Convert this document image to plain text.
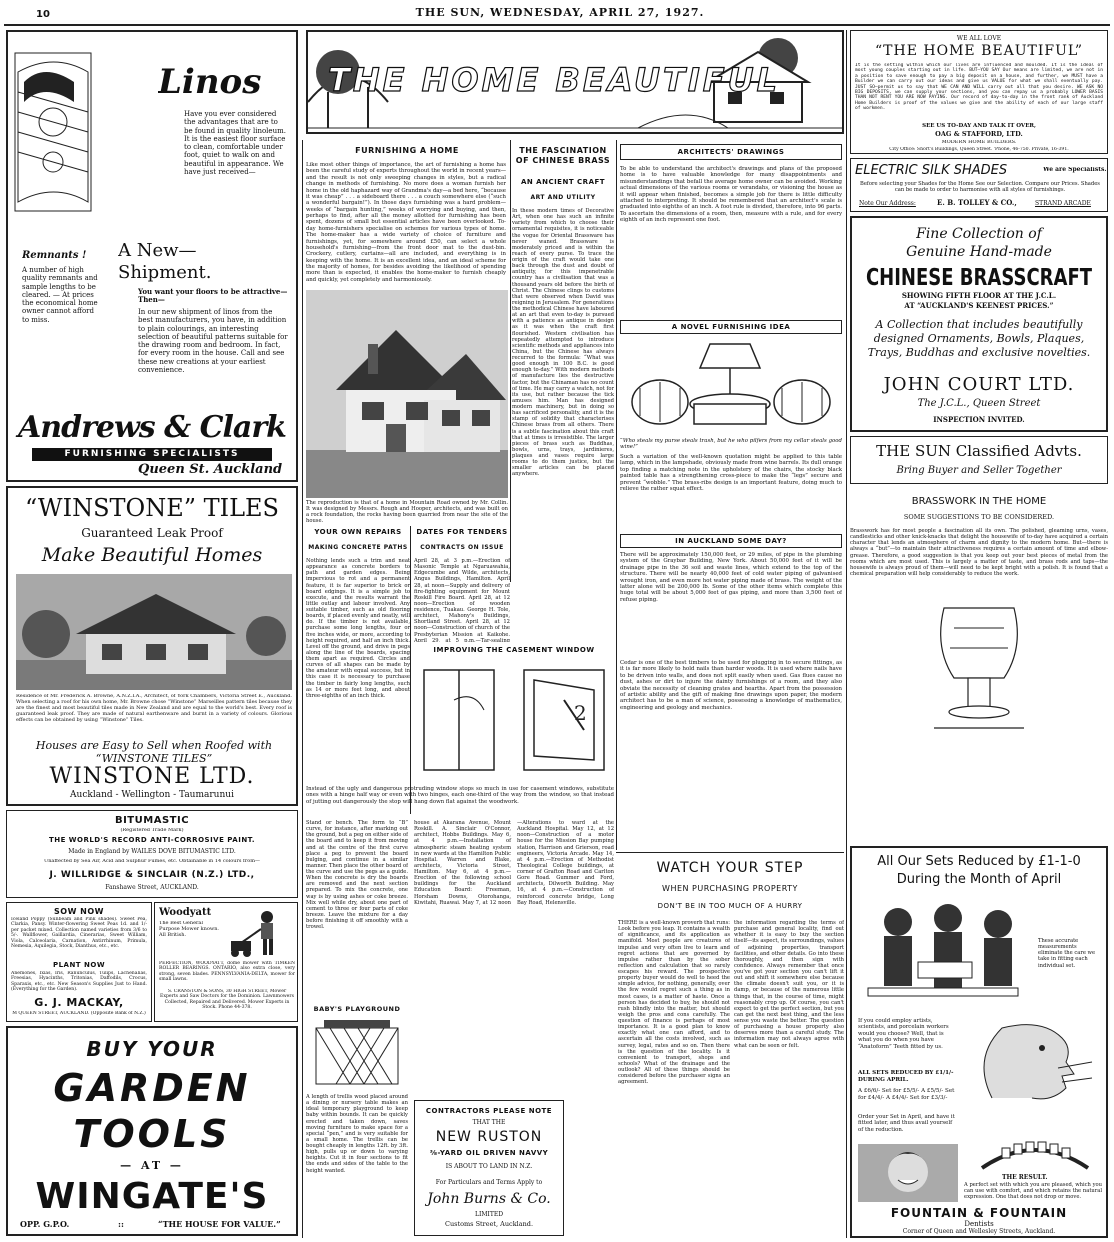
10	THE SUN, WEDNESDAY, APRIL 27, 1927.
Linos
Have you ever considered the advantages that are to be found in quality linoleum. It is the easiest floor surface to clean, comfortable under foot, quiet to walk on and beautiful in appearance. We have just received—
A New—
Shipment.
You want your floors to be attractive—Then—
In our new shipment of linos from the best manufacturers, you have, in addition to plain colourings, an interesting selection of beautiful patterns suitable for the drawing room and bedroom. In fact, for every room in the house. Call and see these new creations at your earliest convenience.
Remnants !
A number of high quality remnants and sample lengths to be cleared. — At prices the economical home owner cannot afford to miss.
Andrews & Clark
FURNISHING SPECIALISTS
Queen St. Auckland
“WINSTONE” TILES
Guaranteed Leak Proof
Make Beautiful Homes
Residence of Mr. Frederick A. Browne, A.N.Z.I.A., Architect, of York Chambers, Victoria Street E., Auckland. When selecting a roof for his own home, Mr. Browne chose “Winstone” Marseilles pattern tiles because they are the finest and most beautiful tiles made in New Zealand and are equal to the world's best. Every roof is guaranteed leak proof. They are made of natural earthenware and burnt in a variety of colours. Glorious effects can be obtained by using “Winstone” Tiles.
Houses are Easy to Sell when Roofed with “WINSTONE TILES”
WINSTONE LTD.
Auckland - Wellington - Taumarunui
BITUMASTIC
(Registered Trade Mark)
THE WORLD'S RECORD ANTI-CORROSIVE PAINT.
Made in England by WAILES DOVE BITUMASTIC LTD.
Unaffected by Sea Air, Acid and Sulphur Fumes, etc. Obtainable in 14 colours from—
J. WILLRIDGE & SINCLAIR (N.Z.) LTD.,
Fanshawe Street, AUCKLAND.
SOW NOW
Iceland Poppy (Sunbeam and Pink shades). Sweet Pea, Clarkia, Pansy. Winter-flowering Sweet Peas 1d. and 1/- per packet mixed. Collection named varieties from 3/6 to 5/-. Wallflower, Gaillardia, Cinerarias, Sweet William, Viola, Calceolaria, Carnation, Antirrhinum, Primula, Nemesia, Aquilegia, Stock, Dianthus, etc., etc.
PLANT NOW
Anemones, Ixias, Iris, Ranunculus, Tulips, Lachenalias, Freesias, Hyacinths, Tritonias, Daffodils, Crocus, Sparaxis, etc., etc. New Season's Supplies Just to Hand. (Everything for the Garden).
G. J. MACKAY,
M QUEEN STREET, AUCKLAND. (Opposite Bank of N.Z.)
Woodyatt
The Best General Purpose Mower known. All British.
PERFECTION, WOODYATT, dome mower with TIMKEN ROLLER BEARINGS. ONTARIO, also extra close, very strong, seven blades. PENNSYLVANIA-DELTA, mower for small lawns.
S. CRANSTON & SONS, 30 HIGH STREET, Mower Experts and Saw Doctors for the Dominion. Lawnmowers Collected, Repaired and Delivered. Mower Experts in Stock. Phone 44-378.
BUY YOUR
GARDEN
TOOLS
— AT —
WINGATE'S
OPP. G.P.O.	::	“THE HOUSE FOR VALUE.”
THE HOME BEAUTIFUL
FURNISHING A HOME
Like most other things of importance, the art of furnishing a home has been the careful study of experts throughout the world in recent years—and the result is not only sweeping changes in styles, but a radical change in methods of furnishing. No more does a woman furnish her home in the old haphazard way of Grandma's day—a bed here, “because it was cheap” . . . a sideboard there . . . a couch somewhere else (“such a wonderful bargain!”). In those days furnishing was a hard problem—weeks of “bargain hunting,” weeks of worrying and buying, and then, perhaps to find, after all the money allotted for furnishing has been spent, dozens of small but essential articles have been overlooked. To-day home-furnishers specialise on schemes for various types of home. The home-maker has a wide variety of choice of furniture and furnishings, yet, for somewhere around £50, can select a whole household's furnishing—from the front door mat to the dust-bin. Crockery, cutlery, curtains—all are included, and everything is in keeping with the home. It is an excellent idea, and an ideal scheme for the majority of homes, for besides avoiding the likelihood of spending more than is expected, it enables the home-maker to furnish cheaply and quickly, yet completely and harmoniously.
The reproduction is that of a home in Mountain Road owned by Mr. Collin. It was designed by Messrs. Rough and Hooper, architects, and was built on a rock foundation, the rocks having been quarried from near the site of the house.
YOUR OWN REPAIRS
MAKING CONCRETE PATHS
Nothing lends such a trim and neat appearance as concrete borders to path and garden edges. Being impervious to rot and a permanent feature, it is far superior to brick or board edgings. It is a simple job to execute, and the results warrant the little outlay and labour involved. Any suitable timber, such as old flooring boards, if placed evenly and neatly, will do. If the timber is not available, purchase some long lengths, four or five inches wide, or more, according to height required, and half an inch thick. Level off the ground, and drive in pegs along the line of the boards, spacing them apart as required. Circles and curves of all shapes can be made by the amateur with equal success, but in this case it is necessary to purchase the timber in fairly long lengths, such as 14 or more feet long, and about three-eighths of an inch thick.
DATES FOR TENDERS
CONTRACTS ON ISSUE
April 28, at 3 p.m.—Erection of Masonic Temple at Ngaruawahia, Edgecumbe and Wilde, architects, Angus Buildings, Hamilton. April 28, at noon—Supply and delivery of fire-fighting equipment for Mount Roskill Fire Board. April 28, at 12 noon—Erection of wooden residence, Tuakau. George H. Tole, architect, Mahony's Buildings, Shortland Street. April 28, at 12 noon—Construction of church of the Presbyterian Mission at Kaikohe. April 29, at 5 p.m.—Tar-sealing
IMPROVING THE CASEMENT WINDOW
2
Instead of the ugly and dangerous protruding window stops so much in use for casement windows, substitute ones with a hinge half way or even with two hinges, each one-third of the way from the window, so that instead of jutting out dangerously the stop will hang down flat against the woodwork.
Stand or bench. The form to “B” curve, for instance, after marking out the ground, but a peg on either side of the board and to keep it from moving and at the centre of the first curve place a peg to prevent the board bulging, and continue in a similar manner. Then place the other board of the curve and use the pegs as a guide. When the concrete is dry the boards are removed and the next section prepared. To mix the concrete, one way is by using ashes or coke breeze. Mix well while dry, about one part of cement to three or four parts of coke breeze. Leave the mixture for a day before finishing it off smoothly with a trowel.
house at Akarana Avenue, Mount Roskill. A. Sinclair O'Connor, architect, Hobbs Buildings. May 6, at 4 p.m.—Installation of atmospheric steam heating system in new wards at the Hamilton Public Hospital. Warren and Blake, architects, Victoria Street, Hamilton. May 6, at 4 p.m.—Erection of the following school buildings for the Auckland Education Board: Freeman, Horsham Downs, Otorohanga, Kiwitahi, Ruawai. May 7, at 12 noon—Alterations to ward at the Auckland Hospital. May 12, at 12 noon—Construction of a motor house for the Mission Bay pumping station, Harrison and Grierson, road engineers, Victoria Arcade. May 14, at 4 p.m.—Erection of Methodist Theological College buildings, at corner of Grafton Road and Carlton Gore Road. Gummer and Ford, architects, Dilworth Building. May 16, at 4 p.m.—Construction of reinforced concrete bridge, Long Bay Road, Helensville.
BABY'S PLAYGROUND
A length of trellis wood placed around a dining or nursery table makes an ideal temporary playground to keep baby within bounds. It can be quickly erected and taken down, saves moving furniture to make space for a special “pen,” and is very suitable for a small home. The trellis can be bought cheaply in lengths 12ft. by 3ft. high, pulls up or down to varying heights. Cut it in four sections to fit the ends and sides of the table to the height wanted.
CONTRACTORS PLEASE NOTE
THAT THE
NEW RUSTON
⅜-YARD OIL DRIVEN NAVVY
IS ABOUT TO LAND IN N.Z.
For Particulars and Terms Apply to
John Burns & Co.
LIMITED
Customs Street, Auckland.
THE FASCINATION OF CHINESE BRASS
AN ANCIENT CRAFT
ART AND UTILITY
In these modern times of Decorative Art, when one has such an infinite variety from which to choose their ornamental requisites, it is noticeable the vogue for Oriental Brassware has never waned. Brassware is moderately priced and is within the reach of every purse. To trace the origin of the craft would take one back through the dust and doubt of antiquity, for this impenetrable country has a civilisation that was a thousand years old before the birth of Christ. The Chinese clings to customs that were observed when David was reigning in Jerusalem. For generations the methodical Chinese have laboured at an art that even to-day is pursued with a patience as antique in design as it was when the craft first flourished. Western civilisation has repeatedly attempted to introduce scientific methods and appliances into China, but the Chinese has always recurred to the formula: “What was good enough in 100 B.C. is good enough to-day.” With modern methods of manufacture lies the destructive factor, but the Chinaman has no count of time. He may carry a watch, not for its use, but rather because the tick amuses him. Man has designed modern machinery, but in doing so has sacrificed personality, and it is the stamp of solidity that characterises Chinese brass from all others. There is a subtle fascination about this craft that at times is irresistible. The larger pieces of brass such as Buddhas, bowls, urns, trays, jardinieres, plaques and vases require large rooms to do them justice, but the smaller articles can be placed anywhere.
ARCHITECTS' DRAWINGS
To be able to understand the architect's drawings and plans of the proposed home is to have valuable knowledge for many disappointments and misunderstandings that befall the average home owner can be avoided. Working actual dimensions of the various rooms or verandahs, or visioning the house as it will appear when finished, becomes a simple job for there is little difficulty attached to interpreting. It should be remembered that an architect's scale is graduated into eighths of an inch. A foot rule is divided, therefore, into 96 parts. To ascertain the dimensions of a room, then, measure with a rule, and for every eighth of an inch represent one foot.
A NOVEL FURNISHING IDEA
“Who steals my purse steals trash, but he who pilfers from my cellar steals good wine!”
Such a variation of the well-known quotation might be applied to this table lamp, which in the lampshade, obviously made from wine barrels. Its dull orange top finding a matching note in the upholstery of the chairs, the stocky black painted table has a strengthening cross-piece to make the “legs” secure and prevent “wobble.” The brass-ribs design is an important feature, doing much to relieve the rather squat effect.
IN AUCKLAND SOME DAY?
There will be approximately 150,000 feet, or 29 miles, of pipe in the plumbing system of the Graybar Building, New York. About 50,000 feet of it will be drainage pipe in the 36 soil and waste lines, which extend to the top of the structure. There will be nearly 40,000 feet of cold water piping of galvanised wrought iron, and even more hot water piping made of brass. The weight of the latter alone will be 200,000 lb. Some of the other items which complete this huge total will be about 5,000 feet of gas piping, and more than 3,500 feet of refuse piping.
Cedar is one of the best timbers to be used for plugging in to secure fittings, as it is far more likely to hold nails than harder woods. It is used where nails have to be driven into walls, and does not split easily when used. Gas flues cause no dust, ashes or dirt to injure the dainty furnishings of a room, and they also obviate the necessity of cleaning grates and hearths. Apart from the possession of artistic ability and the gift of making fine drawings upon paper, the modern architect has to be a man of science, possessing a knowledge of mathematics, engineering and geology and mechanics.
WATCH YOUR STEP
WHEN PURCHASING PROPERTY
DON'T BE IN TOO MUCH OF A HURRY
THERE is a well-known proverb that runs: Look before you leap. It contains a wealth of significance, and its application as manifold. Most people are creatures of impulse and very often live to learn and regret actions that are governed by impulse rather than by the sober reflection and calculation that so rarely escapes his reward. The prospective property buyer would do well to heed the simple advice, for nothing, generally, over the few would regret such a thing as in most cases, is a matter of haste. Once a person has decided to buy, he should not rush blindly into the matter, but should weigh the pros and cons carefully. The question of finance is perhaps of most importance. It is a good plan to know exactly what one can afford, and to ascertain all the costs involved, such as survey, legal, rates and so on. Then there is the question of the locality. Is it convenient to transport, shops and schools? What of the drainage and the outlook? All of these things should be considered before the purchaser signs an agreement.
the information regarding the terms of purchase and general locality, find out whether it is easy to buy the section itself—its aspect, its surroundings, values of adjoining properties, transport facilities, and other details. Go into these thoroughly, and then sign with confidence. Always remember that once you've got your section you can't lift it out and shift it somewhere else because the climate doesn't suit you, or it is damp, or because of the numerous little things that, in the course of time, might reasonably crop up. Of course, you can't expect to get the perfect section, but you can get the next best thing, and the less sense you waste the better. The question of purchasing a house property also deserves more than a careful study. The information may not always agree with what can be seen or felt.
WE ALL LOVE
“THE HOME BEAUTIFUL”
It is the setting within which our lives are influenced and moulded. It is the ideal of most young couples starting out in life. BUT—YOU SAY Our means are limited, we are not in a position to save enough to pay a big deposit on a house, and further, we MUST have a Builder we can carry out our ideas and give us VALUE for what we shall eventually pay. JUST SO—permit us to say that WE CAN AND WILL carry out all that you desire. WE ASK NO BIG DEPOSITS, we can supply your sections, and you can repay us a probably LOWER BASIS THAN NOT RENT YOU ARE NOW PAYING. Our record of day-to-day in the front rank of Auckland Home Builders is proof of the values we give and the ability of each of our large staff of workmen.
SEE US TO-DAY AND TALK IT OVER,
OAG & STAFFORD, LTD.
MODERN HOME BUILDERS.
City Office: Short's Buildings, Queen Street. 'Phone, 46-750. Private, 16-391.
ELECTRIC SILK SHADES	We are Specialists.
Before selecting your Shades for the Home See our Selection. Compare our Prices. Shades can be made to order to harmonise with all styles of furnishings.
Note Our Address:	E. B. TOLLEY & CO.,	STRAND ARCADE
Fine Collection of
Genuine Hand-made
CHINESE BRASSCRAFT
SHOWING FIFTH FLOOR AT THE J.C.L.
AT “AUCKLAND'S KEENEST PRICES.”
A Collection that includes beautifully designed Ornaments, Bowls, Plaques, Trays, Buddhas and exclusive novelties.
JOHN COURT LTD.
The J.C.L., Queen Street
INSPECTION INVITED.
THE SUN Classified Advts.
Bring Buyer and Seller Together
BRASSWORK IN THE HOME
SOME SUGGESTIONS TO BE CONSIDERED.
Brasswork has for most people a fascination all its own. The polished, gleaming urns, vases, candlesticks and other knick-knacks that delight the housewife of to-day have acquired a certain character that lends an atmosphere of charm and dignity to the modern home. But—there is always a “but”—to maintain their attractiveness requires a certain amount of time and elbow-grease. Therefore, a good suggestion is that you keep out your best pieces of metal from the rooms which are most used. This is largely a matter of taste, and brass rods and taps—the housewife is always proud of them—will need to be kept bright with a polish. It is found that a chemical preparation will help considerably to reduce the work.
All Our Sets Reduced by £1-1-0
During the Month of April
These accurate measurements eliminate the care we take in fitting each individual set.
If you could employ artists, scientists, and porcelain workers would you choose? Well, that is what you do when you have “Anatoform” Teeth fitted by us.
ALL SETS REDUCED BY £1/1/- DURING APRIL.
A £6/6/- Set for £5/5/- A £5/5/- Set for £4/4/- A £4/4/- Set for £3/3/-
Order your Set in April, and have it fitted later, and thus avail yourself of the reduction.
THE RESULT.
A perfect set with which you are pleased, which you can use with comfort, and which retains the natural expression. One that does not drop or move.
FOUNTAIN & FOUNTAIN
Dentists
Corner of Queen and Wellesley Streets, Auckland.
